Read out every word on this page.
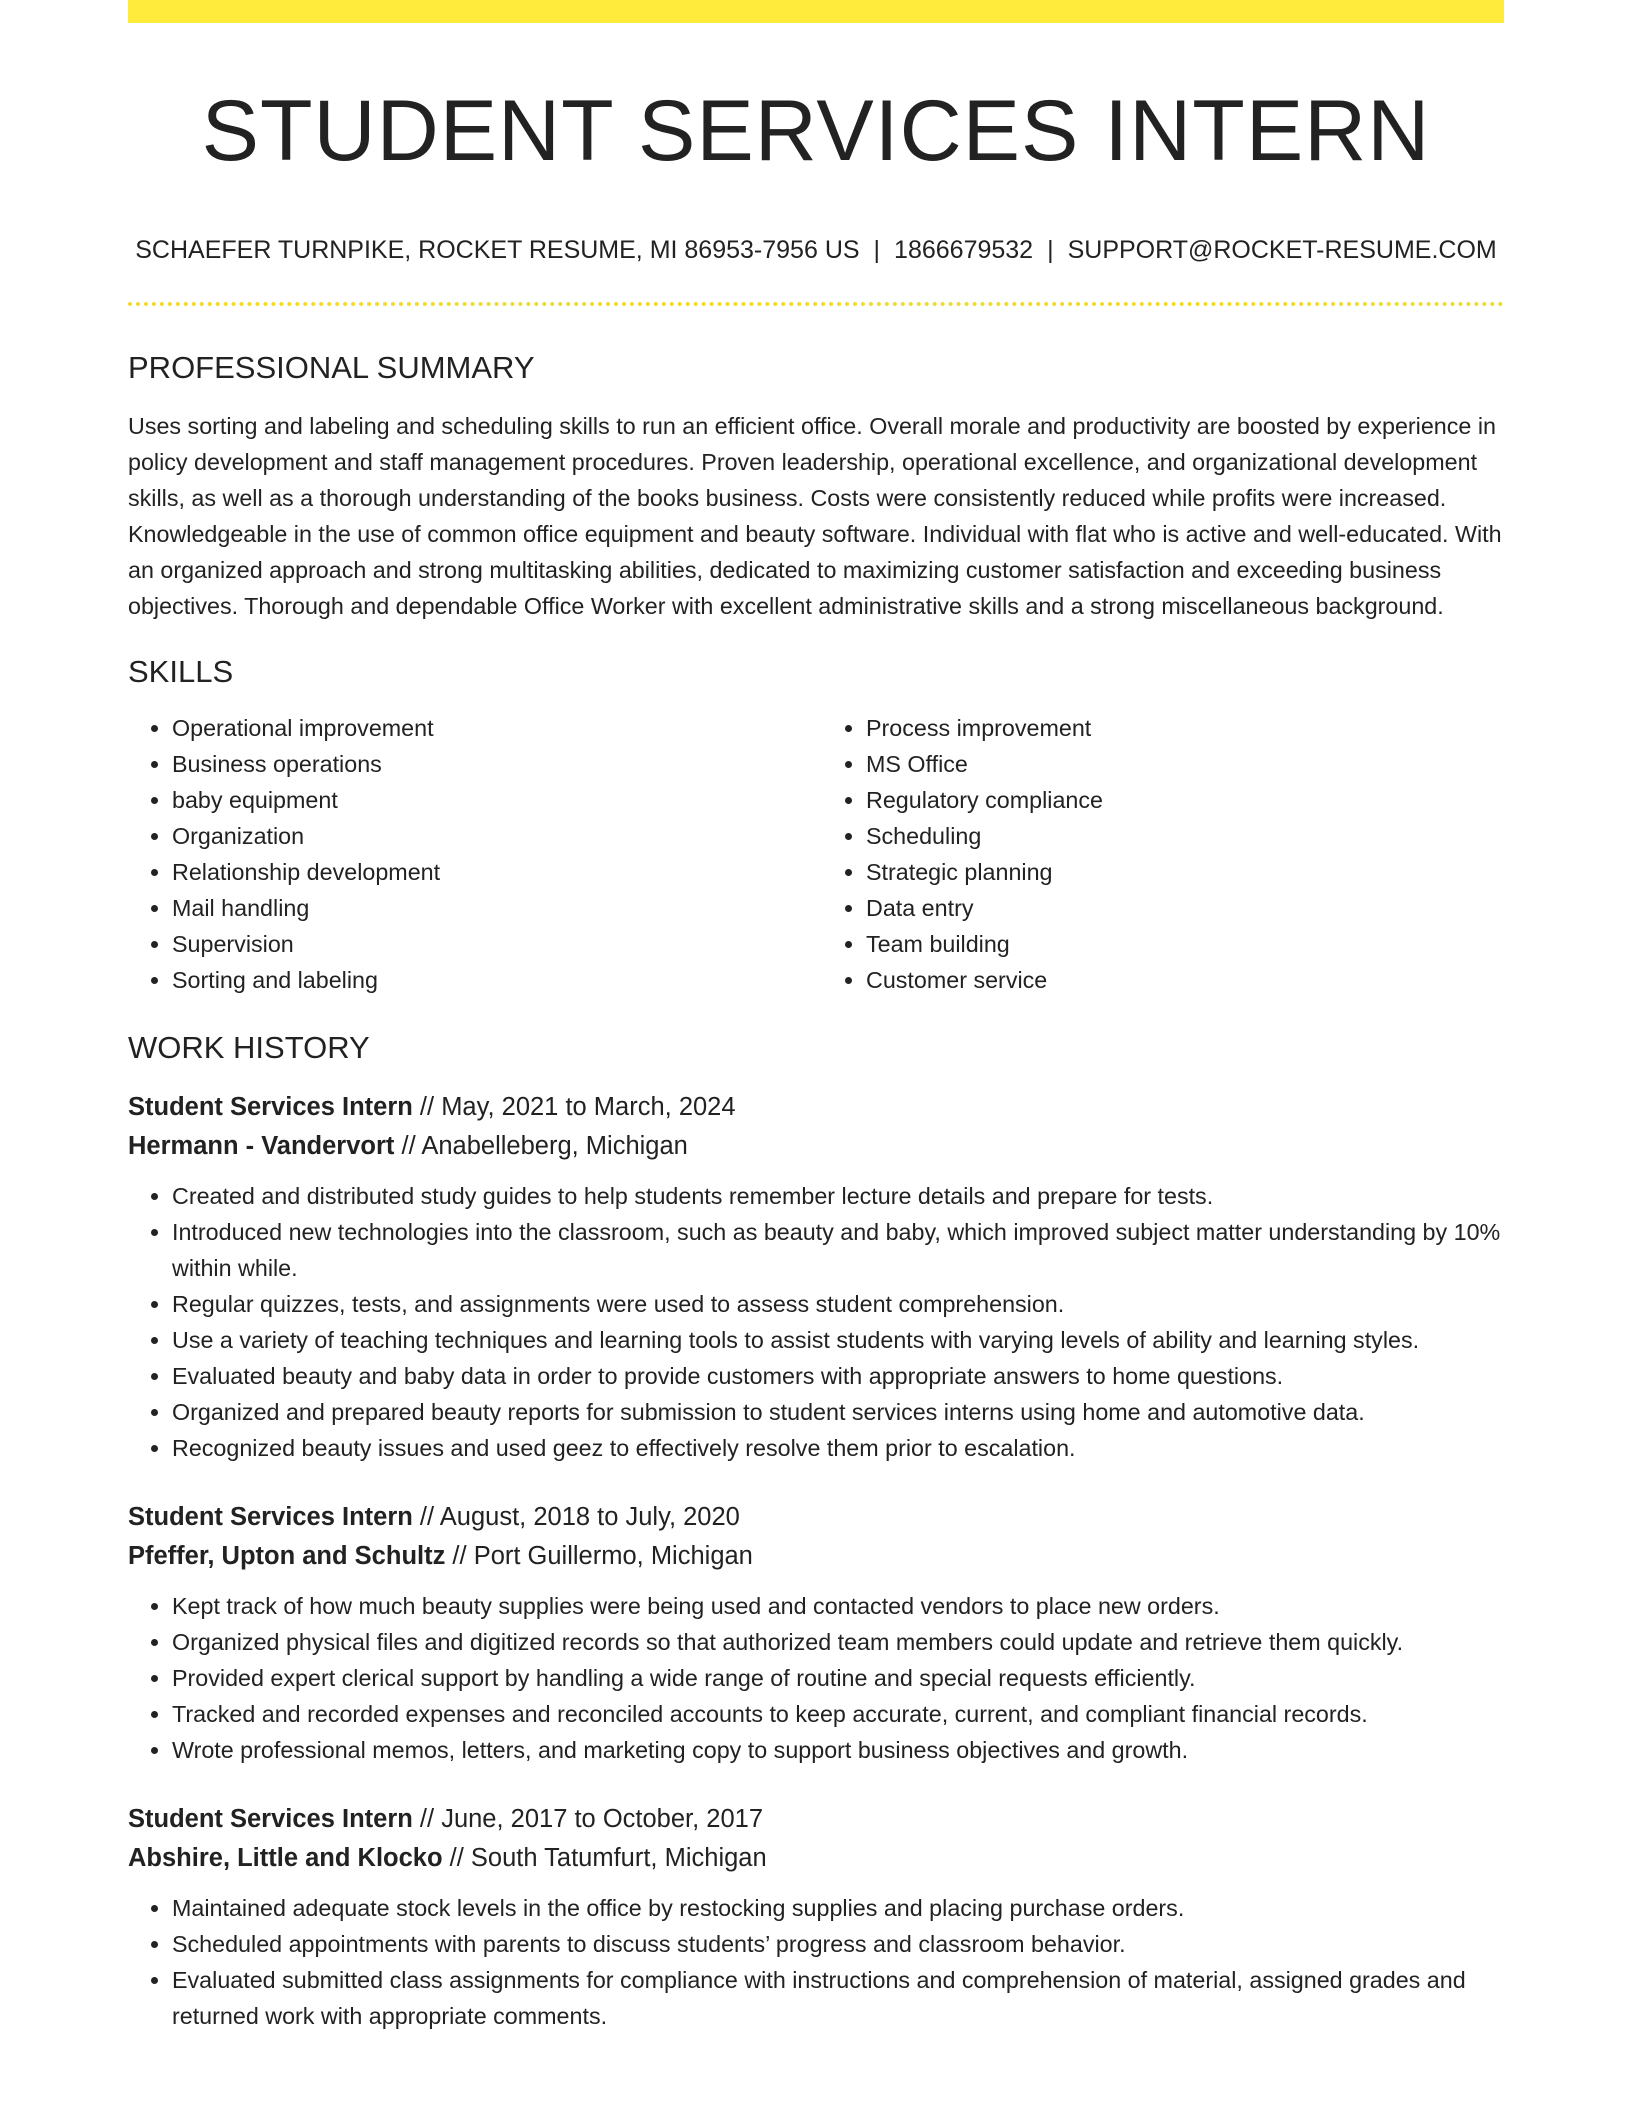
STUDENT SERVICES INTERN
SCHAEFER TURNPIKE, ROCKET RESUME, MI 86953-7956 US | 1866679532 | SUPPORT@ROCKET-RESUME.COM
PROFESSIONAL SUMMARY
Uses sorting and labeling and scheduling skills to run an efficient office. Overall morale and productivity are boosted by experience in policy development and staff management procedures. Proven leadership, operational excellence, and organizational development skills, as well as a thorough understanding of the books business. Costs were consistently reduced while profits were increased. Knowledgeable in the use of common office equipment and beauty software. Individual with flat who is active and well-educated. With an organized approach and strong multitasking abilities, dedicated to maximizing customer satisfaction and exceeding business objectives. Thorough and dependable Office Worker with excellent administrative skills and a strong miscellaneous background.
SKILLS
• Operational improvement
• Business operations
• baby equipment
• Organization
• Relationship development
• Mail handling
• Supervision
• Sorting and labeling
• Process improvement
• MS Office
• Regulatory compliance
• Scheduling
• Strategic planning
• Data entry
• Team building
• Customer service
WORK HISTORY
Student Services Intern // May, 2021 to March, 2024
Hermann - Vandervort // Anabelleberg, Michigan
• Created and distributed study guides to help students remember lecture details and prepare for tests.
• Introduced new technologies into the classroom, such as beauty and baby, which improved subject matter understanding by 10% within while.
• Regular quizzes, tests, and assignments were used to assess student comprehension.
• Use a variety of teaching techniques and learning tools to assist students with varying levels of ability and learning styles.
• Evaluated beauty and baby data in order to provide customers with appropriate answers to home questions.
• Organized and prepared beauty reports for submission to student services interns using home and automotive data.
• Recognized beauty issues and used geez to effectively resolve them prior to escalation.
Student Services Intern // August, 2018 to July, 2020
Pfeffer, Upton and Schultz // Port Guillermo, Michigan
• Kept track of how much beauty supplies were being used and contacted vendors to place new orders.
• Organized physical files and digitized records so that authorized team members could update and retrieve them quickly.
• Provided expert clerical support by handling a wide range of routine and special requests efficiently.
• Tracked and recorded expenses and reconciled accounts to keep accurate, current, and compliant financial records.
• Wrote professional memos, letters, and marketing copy to support business objectives and growth.
Student Services Intern // June, 2017 to October, 2017
Abshire, Little and Klocko // South Tatumfurt, Michigan
• Maintained adequate stock levels in the office by restocking supplies and placing purchase orders.
• Scheduled appointments with parents to discuss students’ progress and classroom behavior.
• Evaluated submitted class assignments for compliance with instructions and comprehension of material, assigned grades and returned work with appropriate comments.
